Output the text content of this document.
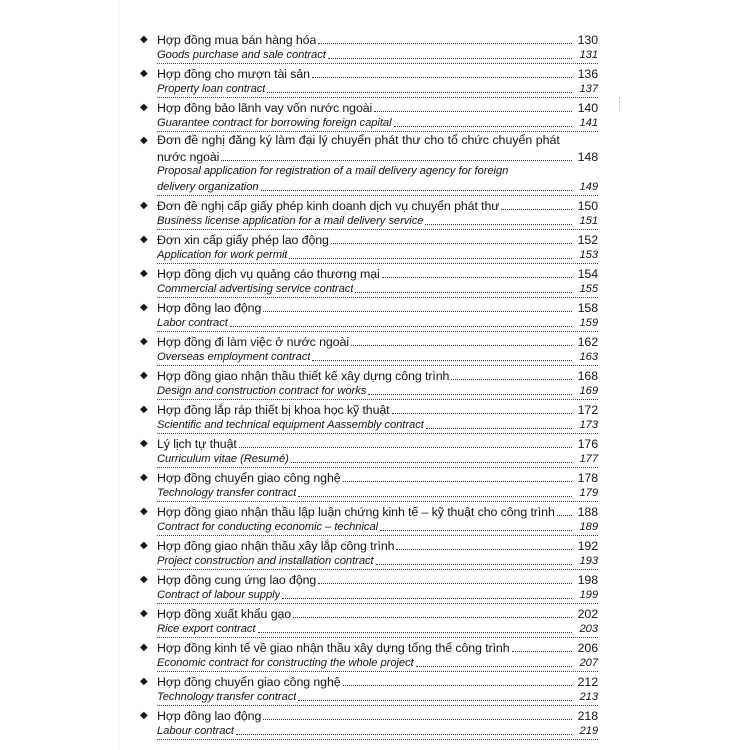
◆ Hợp đồng mua bán hàng hóa	130
Goods purchase and sale contract	131
◆ Hợp đồng cho mượn tài sản	136
Property loan contract	137
◆ Hợp đồng bảo lãnh vay vốn nước ngoài	140
Guarantee contract for borrowing foreign capital	141
◆ Đơn đề nghị đăng ký làm đại lý chuyển phát thư cho tổ chức chuyển phát
nước ngoài	148
Proposal application for registration of a mail delivery agency for foreign
delivery organization	149
◆ Đơn đề nghị cấp giấy phép kinh doanh dịch vụ chuyển phát thư	150
Business license application for a mail delivery service	151
◆ Đơn xin cấp giấy phép lao động	152
Application for work permit	153
◆ Hợp đồng dịch vụ quảng cáo thương mại	154
Commercial advertising service contract	155
◆ Hợp đồng lao động	158
Labor contract	159
◆ Hợp đồng đi làm việc ở nước ngoài	162
Overseas employment contract	163
◆ Hợp đồng giao nhận thầu thiết kế xây dựng công trình	168
Design and construction contract for works	169
◆ Hợp đồng lắp ráp thiết bị khoa học kỹ thuật	172
Scientific and technical equipment Aassembly contract	173
◆ Lý lịch tự thuật	176
Curriculum vitae (Resumé)	177
◆ Hợp đồng chuyển giao công nghệ	178
Technology transfer contract	179
◆ Hợp đồng giao nhận thầu lập luận chứng kinh tế – kỹ thuật cho công trình 188
Contract for conducting economic – technical	189
◆ Hợp đồng giao nhận thầu xây lắp công trình	192
Project construction and installation contract	193
◆ Hợp đồng cung ứng lao động	198
Contract of labour supply	199
◆ Hợp đồng xuất khẩu gạo	202
Rice export contract	203
◆ Hợp đồng kinh tế về giao nhận thầu xây dựng tổng thể công trình	206
Economic contract for constructing the whole project	207
◆ Hợp đồng chuyển giao công nghệ	212
Technology transfer contract	213
◆ Hợp đồng lao động	218
Labour contract	219
